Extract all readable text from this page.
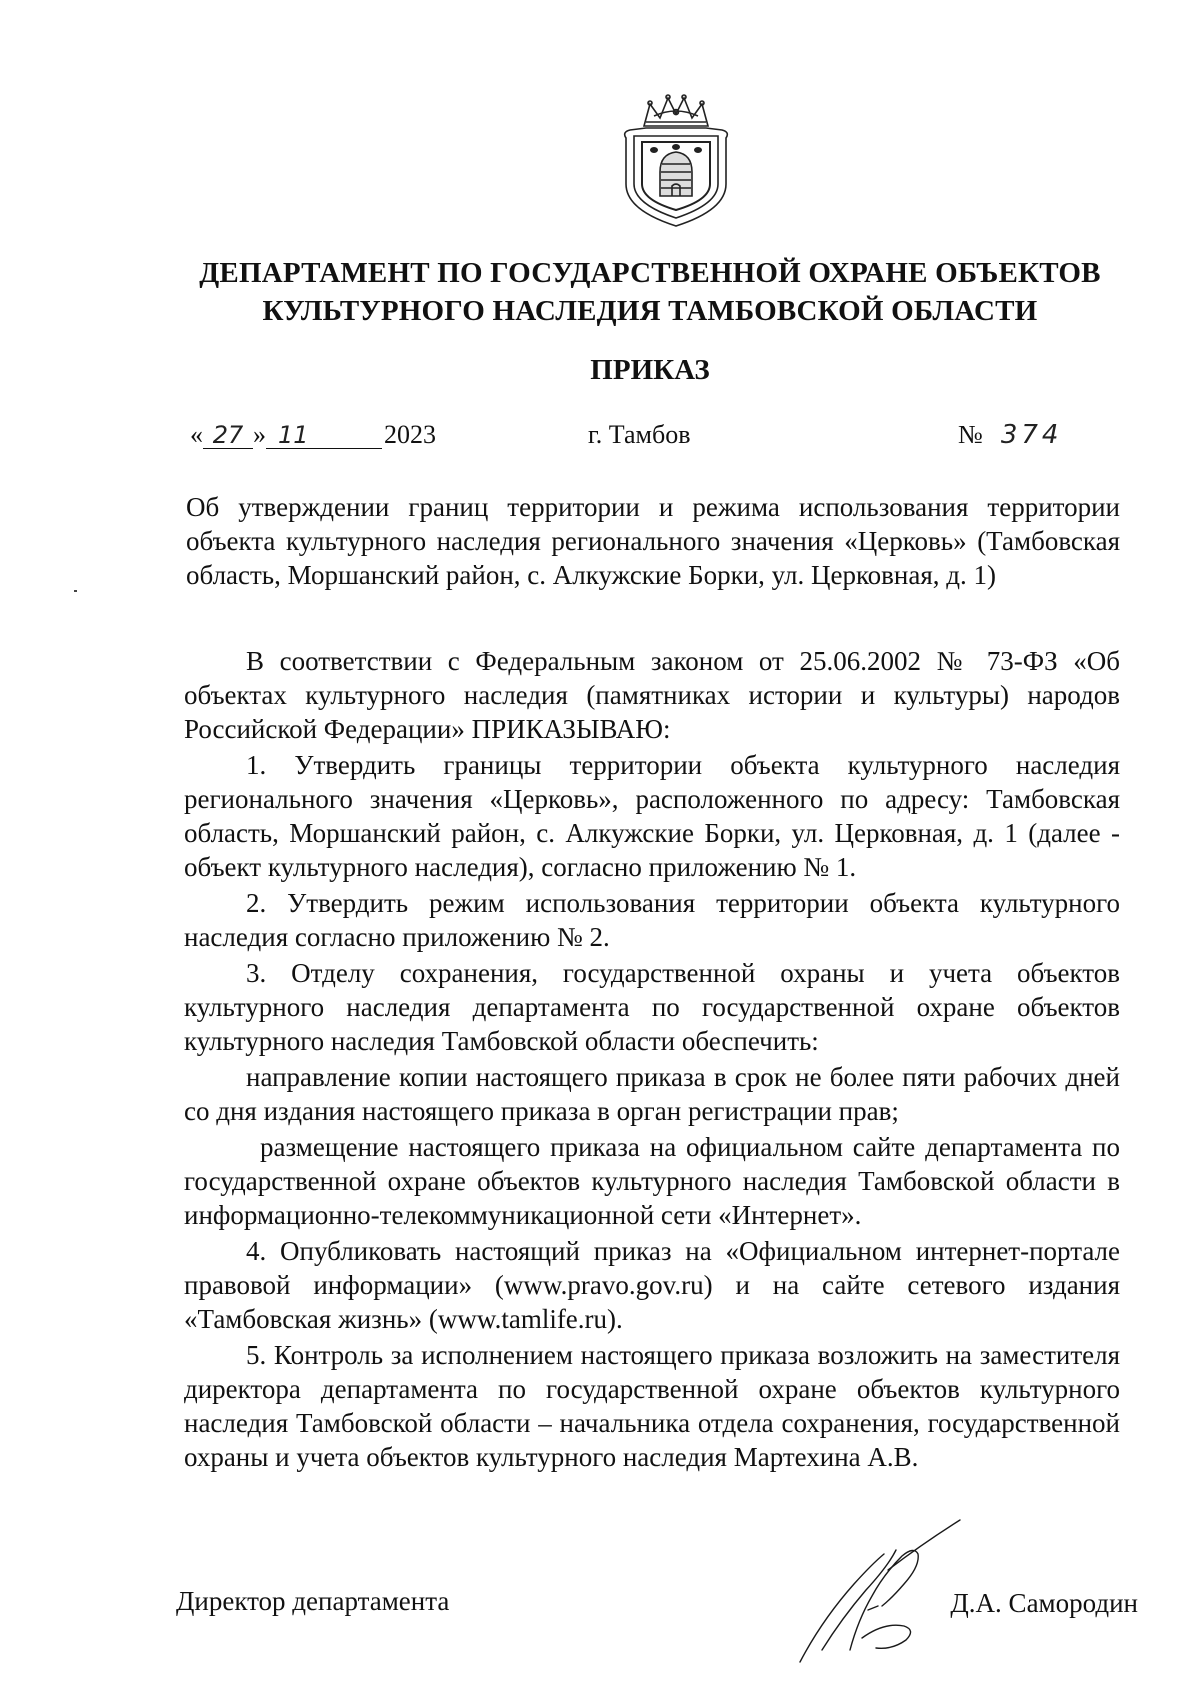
ДЕПАРТАМЕНТ ПО ГОСУДАРСТВЕННОЙ ОХРАНЕ ОБЪЕКТОВ
КУЛЬТУРНОГО НАСЛЕДИЯ ТАМБОВСКОЙ ОБЛАСТИ
ПРИКАЗ
« 27 » 11	2023	г. Тамбов	№ 374
Об утверждении границ территории и режима использования территории объекта культурного наследия регионального значения «Церковь» (Тамбовская область, Моршанский район, с. Алкужские Борки, ул. Церковная, д. 1)

В соответствии с Федеральным законом от 25.06.2002 № 73-ФЗ «Об объектах культурного наследия (памятниках истории и культуры) народов Российской Федерации» ПРИКАЗЫВАЮ:

1. Утвердить границы территории объекта культурного наследия регионального значения «Церковь», расположенного по адресу: Тамбовская область, Моршанский район, с. Алкужские Борки, ул. Церковная, д. 1 (далее - объект культурного наследия), согласно приложению № 1.

2. Утвердить режим использования территории объекта культурного наследия согласно приложению № 2.

3. Отделу сохранения, государственной охраны и учета объектов культурного наследия департамента по государственной охране объектов культурного наследия Тамбовской области обеспечить:

направление копии настоящего приказа в срок не более пяти рабочих дней со дня издания настоящего приказа в орган регистрации прав;

размещение настоящего приказа на официальном сайте департамента по государственной охране объектов культурного наследия Тамбовской области в информационно-телекоммуникационной сети «Интернет».

4. Опубликовать настоящий приказ на «Официальном интернет-портале правовой информации» (www.pravo.gov.ru) и на сайте сетевого издания «Тамбовская жизнь» (www.tamlife.ru).

5. Контроль за исполнением настоящего приказа возложить на заместителя директора департамента по государственной охране объектов культурного наследия Тамбовской области – начальника отдела сохранения, государственной охраны и учета объектов культурного наследия Мартехина А.В.

Директор департамента	Д.А. Самородин
